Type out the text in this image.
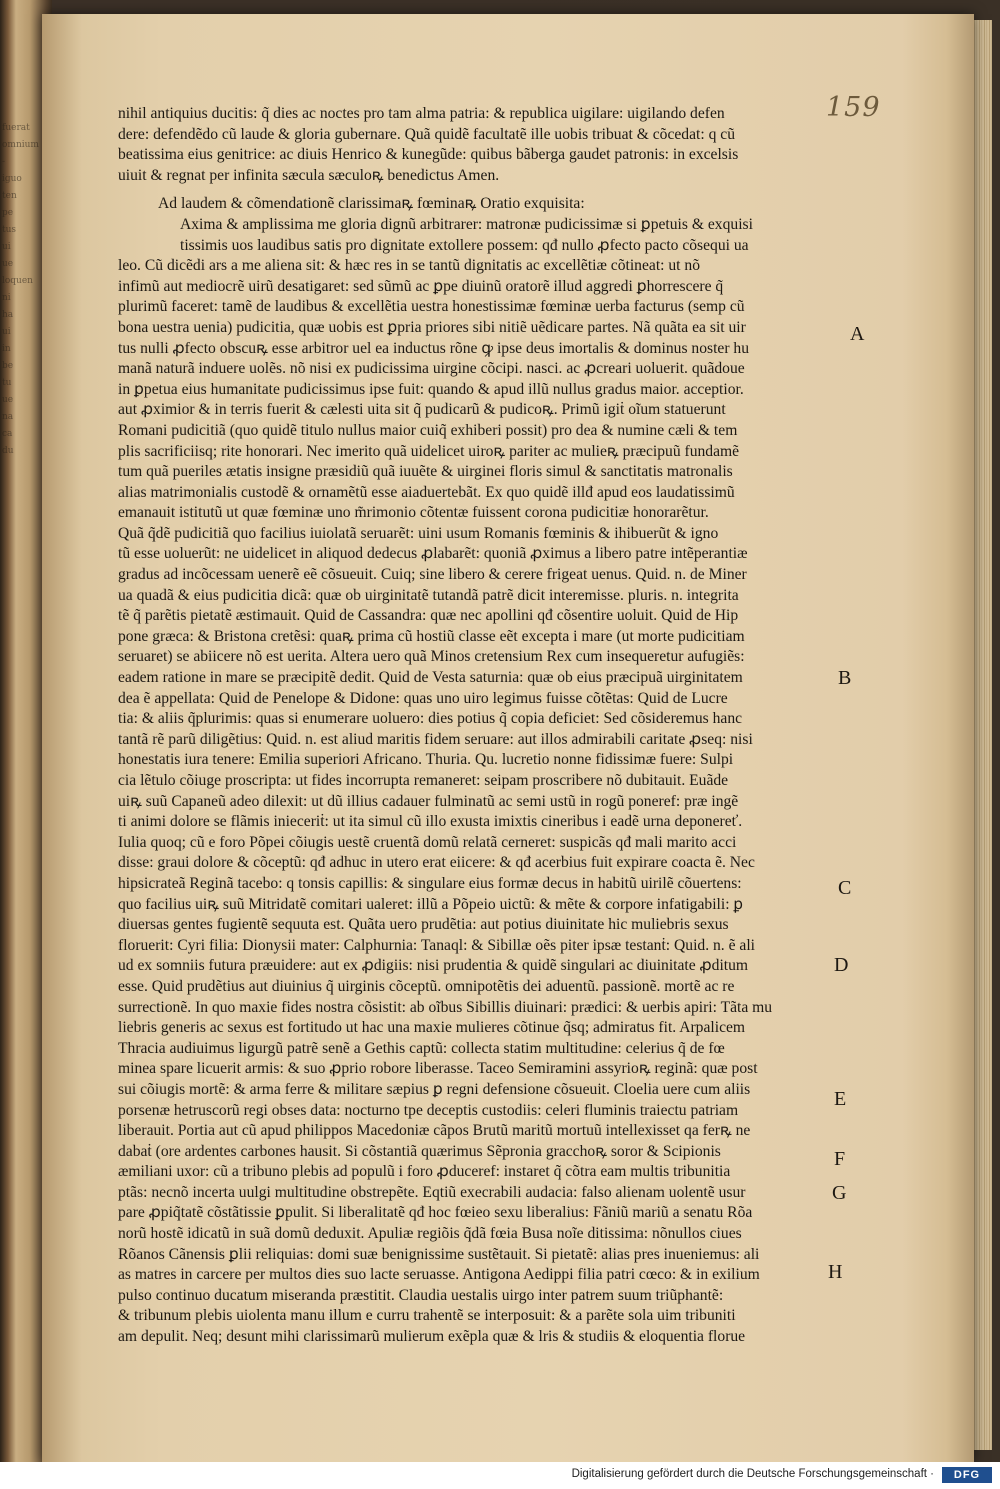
fuerat
omnium
-
iguo
ten
pe
tus
ui
ue
loquen
ni
ha
ui
in
be
tu
ue
na
ca
du
159
nihil antiquius ducitis: q̃ dies ac noctes pro tam alma patria: & republica uigilare: uigilando defen
dere: defendẽdo cũ laude & gloria gubernare. Quã quidẽ facultatẽ ille uobis tribuat & cõcedat: q cũ
beatissima eius genitrice: ac diuis Henrico & kunegũde: quibus bãberga gaudet patronis: in excelsis
uiuit & regnat per infinita sæcula sæculoꝶ benedictus Amen.
Ad laudem & cõmendationẽ clarissimaꝶ fœminaꝶ Oratio exquisita:
Axima & amplissima me gloria dignũ arbitrarer: matronæ pudicissimæ si ꝑpetuis & exquisi
tissimis uos laudibus satis pro dignitate extollere possem: qđ nullo ꝓfecto pacto cõsequi ua
leo. Cũ dicẽdi ars a me aliena sit: & hæc res in se tantũ dignitatis ac excellẽtiæ cõtineat: ut nõ
infimũ aut mediocrẽ uirũ desatigaret: sed sũmũ ac ꝑpe diuinũ oratorẽ illud aggredi ꝑhorrescere q̃
plurimũ faceret: tamẽ de laudibus & excellẽtia uestra honestissimæ fœminæ uerba facturus (semp cũ
bona uestra uenia) pudicitia, quæ uobis est ꝑpria priores sibi nitiẽ uẽdicare partes. Nã quãta ea sit uir
tus nulli ꝓfecto obscuꝶ esse arbitror uel ea inductus rõne ꝙ ipse deus imortalis & dominus noster hu
manã naturã induere uolẽs. nõ nisi ex pudicissima uirgine cõcipi. nasci. ac ꝓcreari uoluerit. quãdoue
in ꝑpetua eius humanitate pudicissimus ipse fuit: quando & apud illũ nullus gradus maior. acceptior.
aut ꝓximior & in terris fuerit & cælesti uita sit q̃ pudicarũ & pudicoꝶ. Primũ igiṫ oĩum statuerunt
Romani pudicitiã (quo quidẽ titulo nullus maior cuiq̃ exhiberi possit) pro dea & numine cæli & tem
plis sacrificiisq; rite honorari. Nec imerito quã uidelicet uiroꝶ pariter ac mulieꝶ præcipuũ fundamẽ
tum quã pueriles ætatis insigne præsidiũ quã iuuẽte & uirginei floris simul & sanctitatis matronalis
alias matrimonialis custodẽ & ornamẽtũ esse aiaduertebãt. Ex quo quidẽ illđ apud eos laudatissimũ
emanauit istitutũ ut quæ fœminæ uno m̃rimonio cõtentæ fuissent corona pudicitiæ honorarẽtur.
Quã q̃dẽ pudicitiã quo facilius iuiolatã seruarẽt: uini usum Romanis fœminis & ihibuerũt & igno
tũ esse uoluerũt: ne uidelicet in aliquod dedecus ꝓlabarẽt: quoniã ꝓximus a libero patre intẽperantiæ
gradus ad incõcessam uenerẽ eẽ cõsueuit. Cuiq; sine libero & cerere frigeat uenus. Quid. n. de Miner
ua quadã & eius pudicitia dicã: quæ ob uirginitatẽ tutandã patrẽ dicit interemisse. pluris. n. integrita
tẽ q̃ parẽtis pietatẽ æstimauit. Quid de Cassandra: quæ nec apollini qđ cõsentire uoluit. Quid de Hip
pone græca: & Bristona cretẽsi: quaꝶ prima cũ hostiũ classe eẽt excepta i mare (ut morte pudicitiam
seruaret) se abiicere nõ est uerita. Altera uero quã Minos cretensium Rex cum insequeretur aufugiẽs:
eadem ratione in mare se præcipitẽ dedit. Quid de Vesta saturnia: quæ ob eius præcipuã uirginitatem
dea ẽ appellata: Quid de Penelope & Didone: quas uno uiro legimus fuisse cõtẽtas: Quid de Lucre
tia: & aliis q̃plurimis: quas si enumerare uoluero: dies potius q̃ copia deficiet: Sed cõsideremus hanc
tantã rẽ parũ diligẽtius: Quid. n. est aliud maritis fidem seruare: aut illos admirabili caritate ꝓseq: nisi
honestatis iura tenere: Emilia superiori Africano. Thuria. Qu. lucretio nonne fidissimæ fuere: Sulpi
cia lẽtulo cõiuge proscripta: ut fides incorrupta remaneret: seipam proscribere nõ dubitauit. Euãde
uiꝶ suũ Capaneũ adeo dilexit: ut dũ illius cadauer fulminatũ ac semi ustũ in rogũ poneref: præ ingẽ
ti animi dolore se flãmis inieceriṫ: ut ita simul cũ illo exusta imixtis cineribus i eadẽ urna deponereť.
Iulia quoq; cũ e foro Põpei cõiugis uestẽ cruentã domũ relatã cerneret: suspicãs qđ mali marito acci
disse: graui dolore & cõceptũ: qđ adhuc in utero erat eiicere: & qđ acerbius fuit expirare coacta ẽ. Nec
hipsicrateã Reginã tacebo: q tonsis capillis: & singulare eius formæ decus in habitũ uirilẽ cõuertens:
quo facilius uiꝶ suũ Mitridatẽ comitari ualeret: illũ a Põpeio uictũ: & mẽte & corpore infatigabili: ꝑ
diuersas gentes fugientẽ sequuta est. Quãta uero prudẽtia: aut potius diuinitate hic muliebris sexus
floruerit: Cyri filia: Dionysii mater: Calphurnia: Tanaql: & Sibillæ oẽs piter ipsæ testanṫ: Quid. n. ẽ ali
ud ex somniis futura præuidere: aut ex ꝓdigiis: nisi prudentia & quidẽ singulari ac diuinitate ꝓditum
esse. Quid prudẽtius aut diuinius q̃ uirginis cõceptũ. omnipotẽtis dei aduentũ. passionẽ. mortẽ ac re
surrectionẽ. In quo maxie fides nostra cõsistit: ab oĩbus Sibillis diuinari: prædici: & uerbis apiri: Tãta mu
liebris generis ac sexus est fortitudo ut hac una maxie mulieres cõtinue q̃sq; admiratus fit. Arpalicem
Thracia audiuimus ligurgũ patrẽ senẽ a Gethis captũ: collecta statim multitudine: celerius q̃ de fœ
minea spare licuerit armis: & suo ꝓprio robore liberasse. Taceo Semiramini assyrioꝶ reginã: quæ post
sui cõiugis mortẽ: & arma ferre & militare sæpius ꝑ regni defensione cõsueuit. Cloelia uere cum aliis
porsenæ hetruscorũ regi obses data: nocturno tpe deceptis custodiis: celeri fluminis traiectu patriam
liberauit. Portia aut cũ apud philippos Macedoniæ cãpos Brutũ maritũ mortuũ intellexisset qa ferꝶ ne
dabaṫ (ore ardentes carbones hausit. Si cõstantiã quærimus Sẽpronia gracchoꝶ soror & Scipionis
æmiliani uxor: cũ a tribuno plebis ad populũ i foro ꝓduceref: instaret q̃ cõtra eam multis tribunitia
ptãs: necnõ incerta uulgi multitudine obstrepẽte. Eqtiũ execrabili audacia: falso alienam uolentẽ usur
pare ꝓpiq̃tatẽ cõstãtissie ꝑpulit. Si liberalitatẽ qđ hoc fœieo sexu liberalius: Fãniũ mariũ a senatu Rõa
norũ hostẽ idicatũ in suã domũ deduxit. Apuliæ regiõis q̃dã fœia Busa noĩe ditissima: nõnullos ciues
Rõanos Cãnensis ꝑlii reliquias: domi suæ benignissime sustẽtauit. Si pietatẽ: alias pres inueniemus: ali
as matres in carcere per multos dies suo lacte seruasse. Antigona Aedippi filia patri cœco: & in exilium
pulso continuo ducatum miseranda præstitit. Claudia uestalis uirgo inter patrem suum triũphantẽ:
& tribunum plebis uiolenta manu illum e curru trahentẽ se interposuit: & a parẽte sola uim tribuniti
am depulit. Neq; desunt mihi clarissimarũ mulierum exẽpla quæ & lris & studiis & eloquentia florue
A
B
C
D
E
F
G
H
Digitalisierung gefördert durch die Deutsche Forschungsgemeinschaft ·	DFG
